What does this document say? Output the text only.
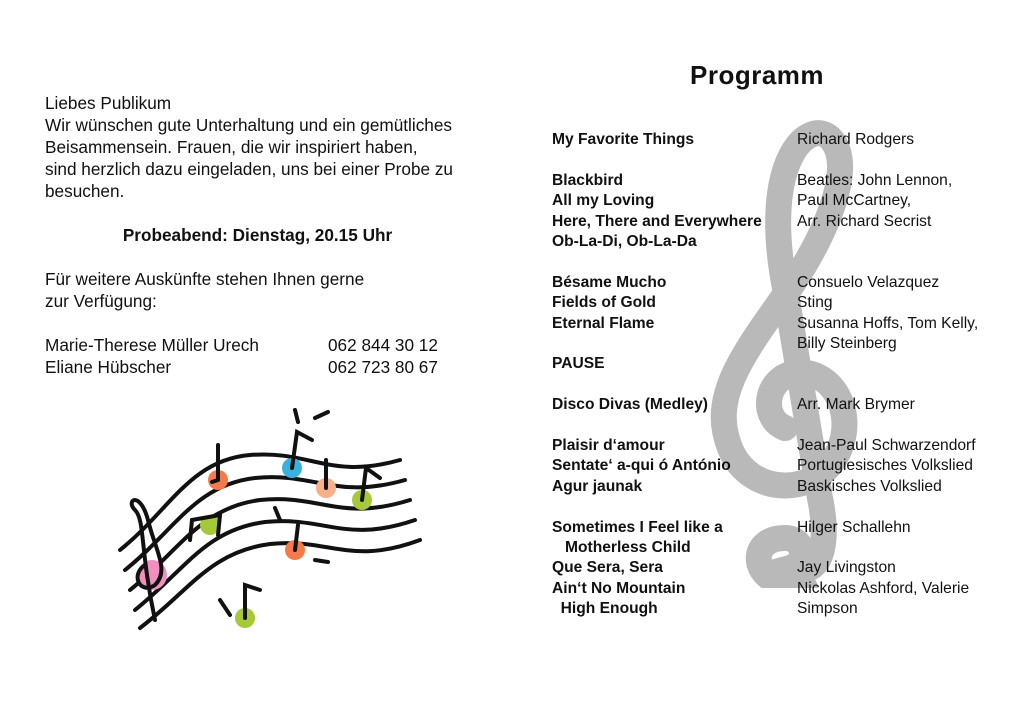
Liebes Publikum

Wir wünschen gute Unterhaltung und ein gemütliches

Beisammensein. Frauen, die wir inspiriert haben,

sind herzlich dazu eingeladen, uns bei einer Probe zu

besuchen.

Probeabend: Dienstag, 20.15 Uhr

Für weitere Auskünfte stehen Ihnen gerne

zur Verfügung:

Marie-Therese Müller Urech	062 844 30 12
Eliane Hübscher	062 723 80 67
Programm
My Favorite Things	Richard Rodgers
Blackbird	Beatles: John Lennon,
All my Loving	Paul McCartney,
Here, There and Everywhere	Arr. Richard Secrist
Ob-La-Di, Ob-La-Da
Bésame Mucho	Consuelo Velazquez
Fields of Gold	Sting
Eternal Flame	Susanna Hoffs, Tom Kelly,
Billy Steinberg
PAUSE
Disco Divas (Medley)	Arr. Mark Brymer
Plaisir d‘amour	Jean-Paul Schwarzendorf
Sentate‘ a-qui ó António	Portugiesisches Volkslied
Agur jaunak	Baskisches Volkslied
Sometimes I Feel like a	Hilger Schallehn
Motherless Child
Que Sera, Sera	Jay Livingston
Ain‘t No Mountain	Nickolas Ashford, Valerie
High Enough	Simpson
